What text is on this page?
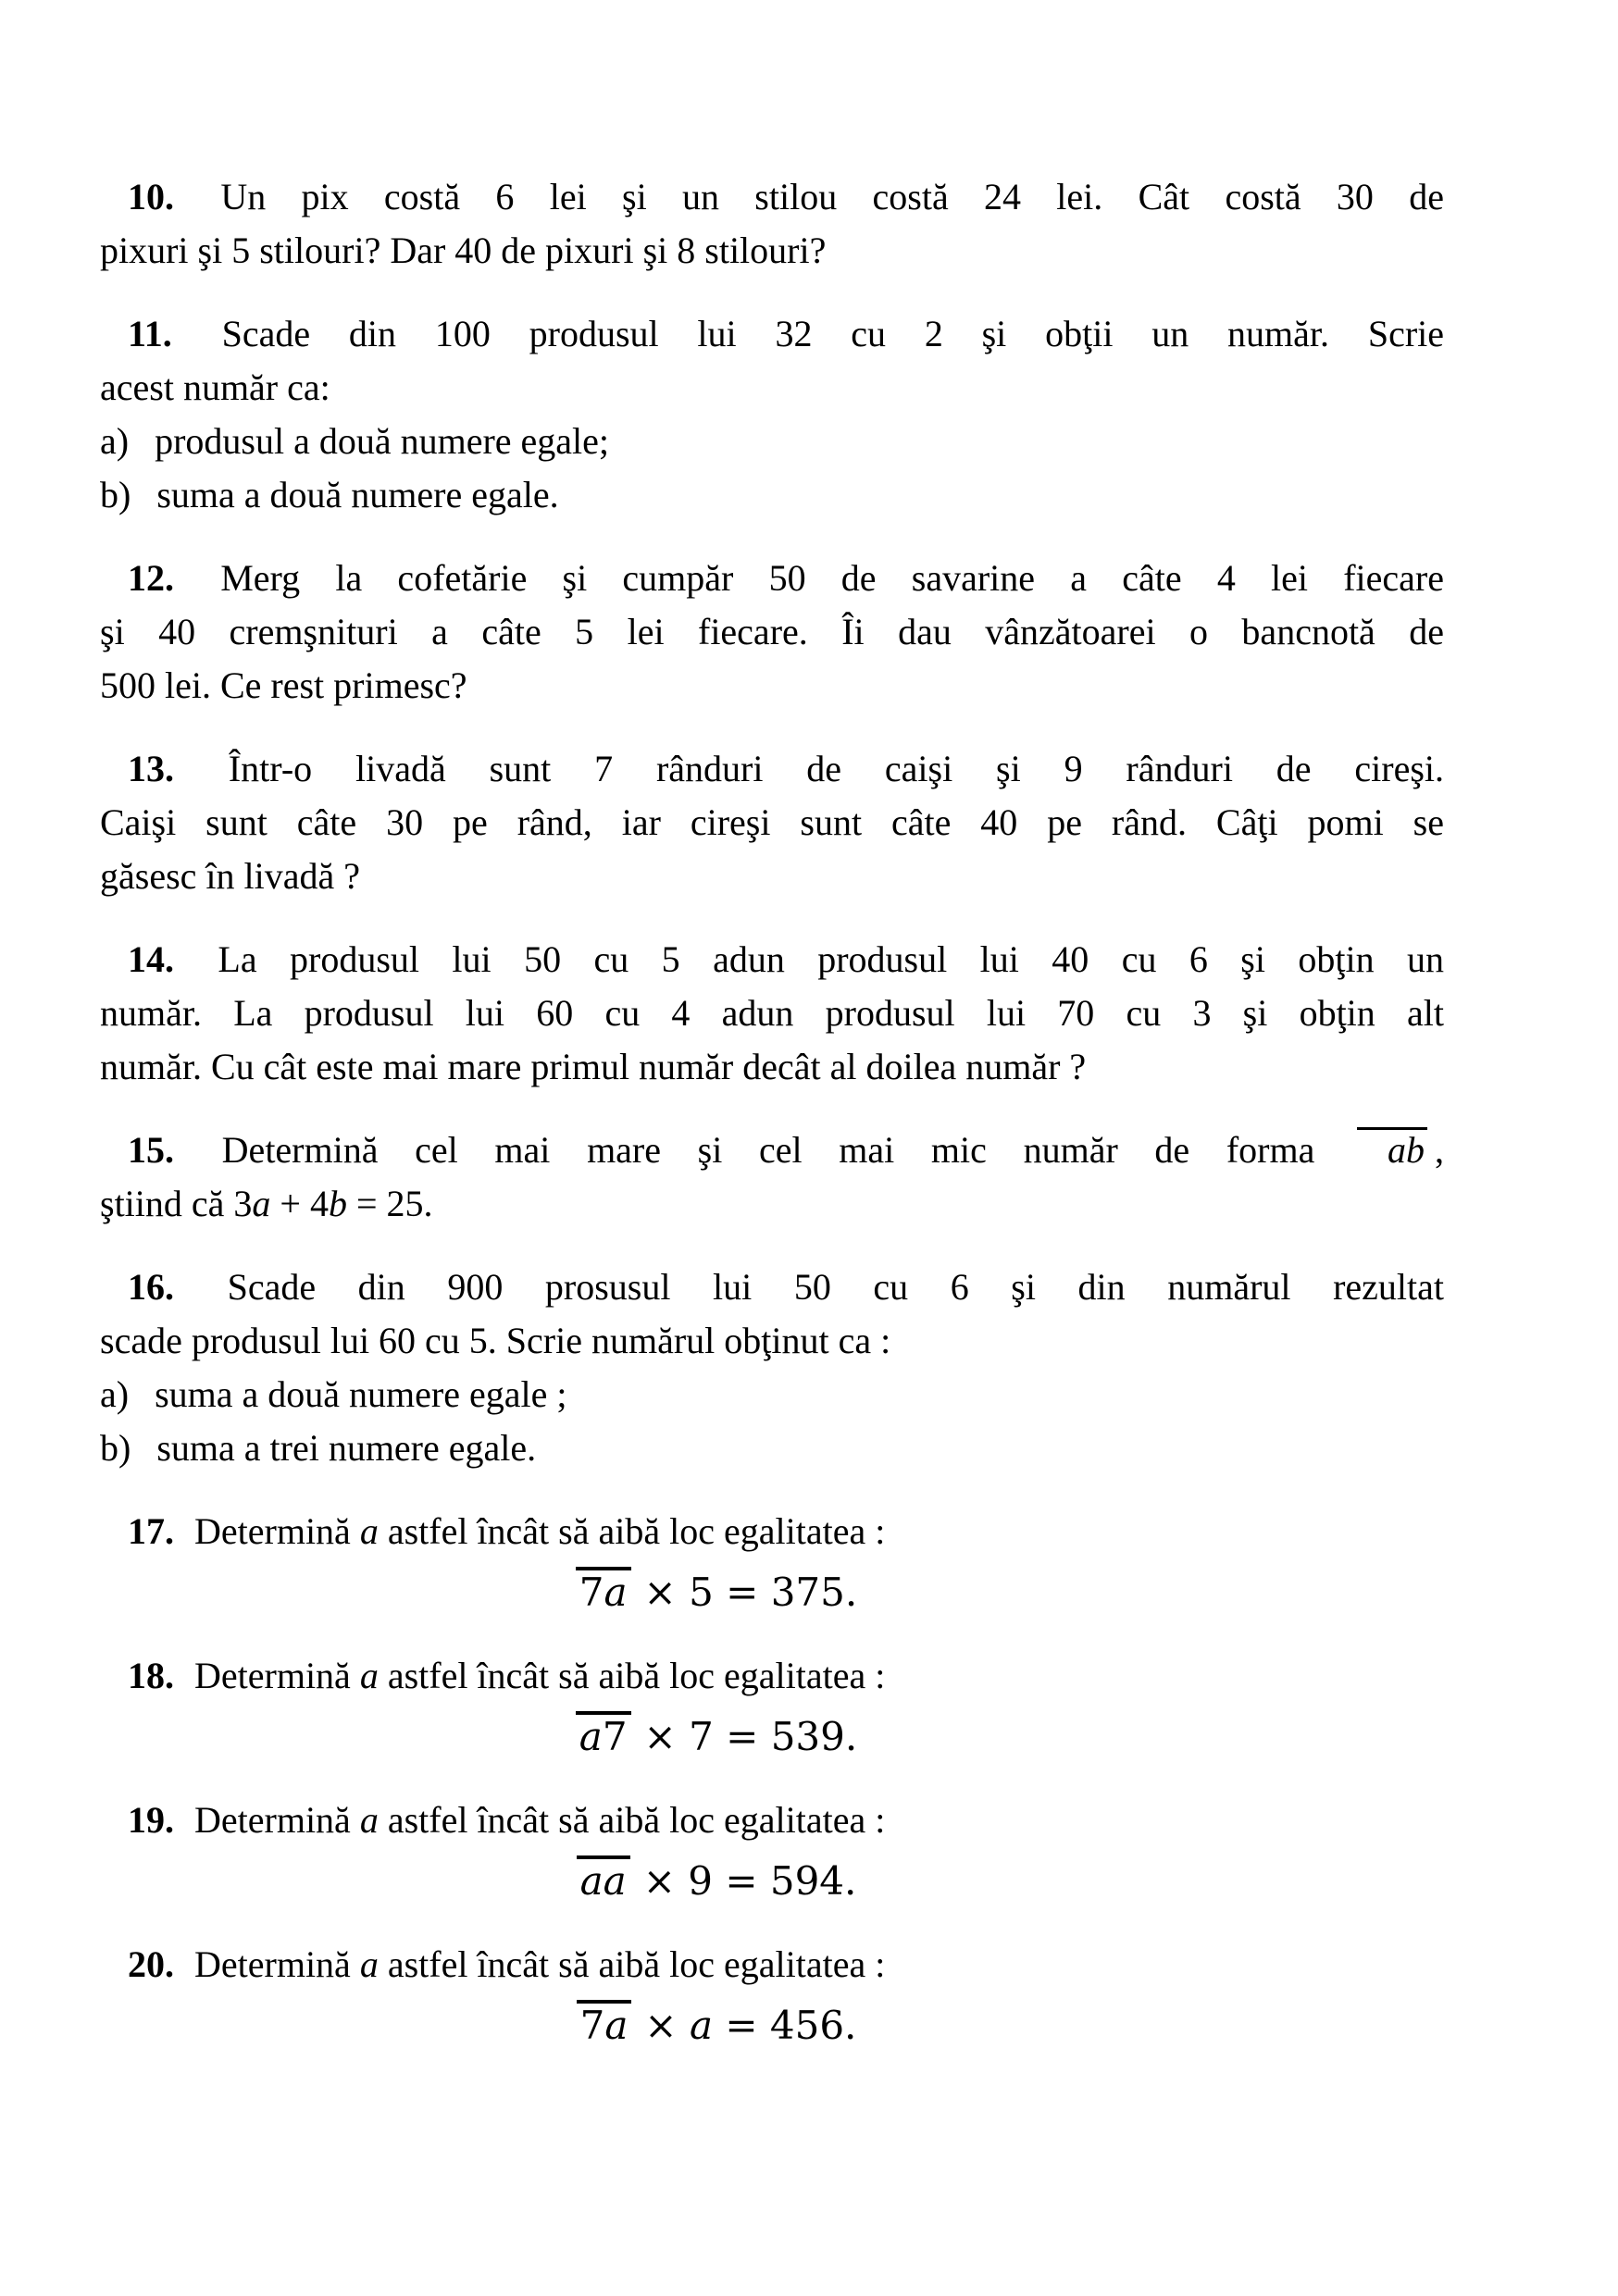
10. Un pix costă 6 lei şi un stilou costă 24 lei. Cât costă 30 de
pixuri şi 5 stilouri? Dar 40 de pixuri şi 8 stilouri?
11. Scade din 100 produsul lui 32 cu 2 şi obţii un număr. Scrie
acest număr ca:
a) produsul a două numere egale;
b) suma a două numere egale.
12. Merg la cofetărie şi cumpăr 50 de savarine a câte 4 lei fiecare
şi 40 cremşnituri a câte 5 lei fiecare. Îi dau vânzătoarei o bancnotă de
500 lei. Ce rest primesc?
13. Într-o livadă sunt 7 rânduri de caişi şi 9 rânduri de cireşi.
Caişi sunt câte 30 pe rând, iar cireşi sunt câte 40 pe rând. Câţi pomi se
găsesc în livadă ?
14. La produsul lui 50 cu 5 adun produsul lui 40 cu 6 şi obţin un
număr. La produsul lui 60 cu 4 adun produsul lui 70 cu 3 şi obţin alt
număr. Cu cât este mai mare primul număr decât al doilea număr ?
15. Determină cel mai mare şi cel mai mic număr de forma ab ,
ştiind că 3a + 4b = 25.
16. Scade din 900 prosusul lui 50 cu 6 şi din numărul rezultat
scade produsul lui 60 cu 5. Scrie numărul obţinut ca :
a) suma a două numere egale ;
b) suma a trei numere egale.
17. Determină a astfel încât să aibă loc egalitatea :
7a × 5 = 375.
18. Determină a astfel încât să aibă loc egalitatea :
a7 × 7 = 539.
19. Determină a astfel încât să aibă loc egalitatea :
aa × 9 = 594.
20. Determină a astfel încât să aibă loc egalitatea :
7a × a = 456.
